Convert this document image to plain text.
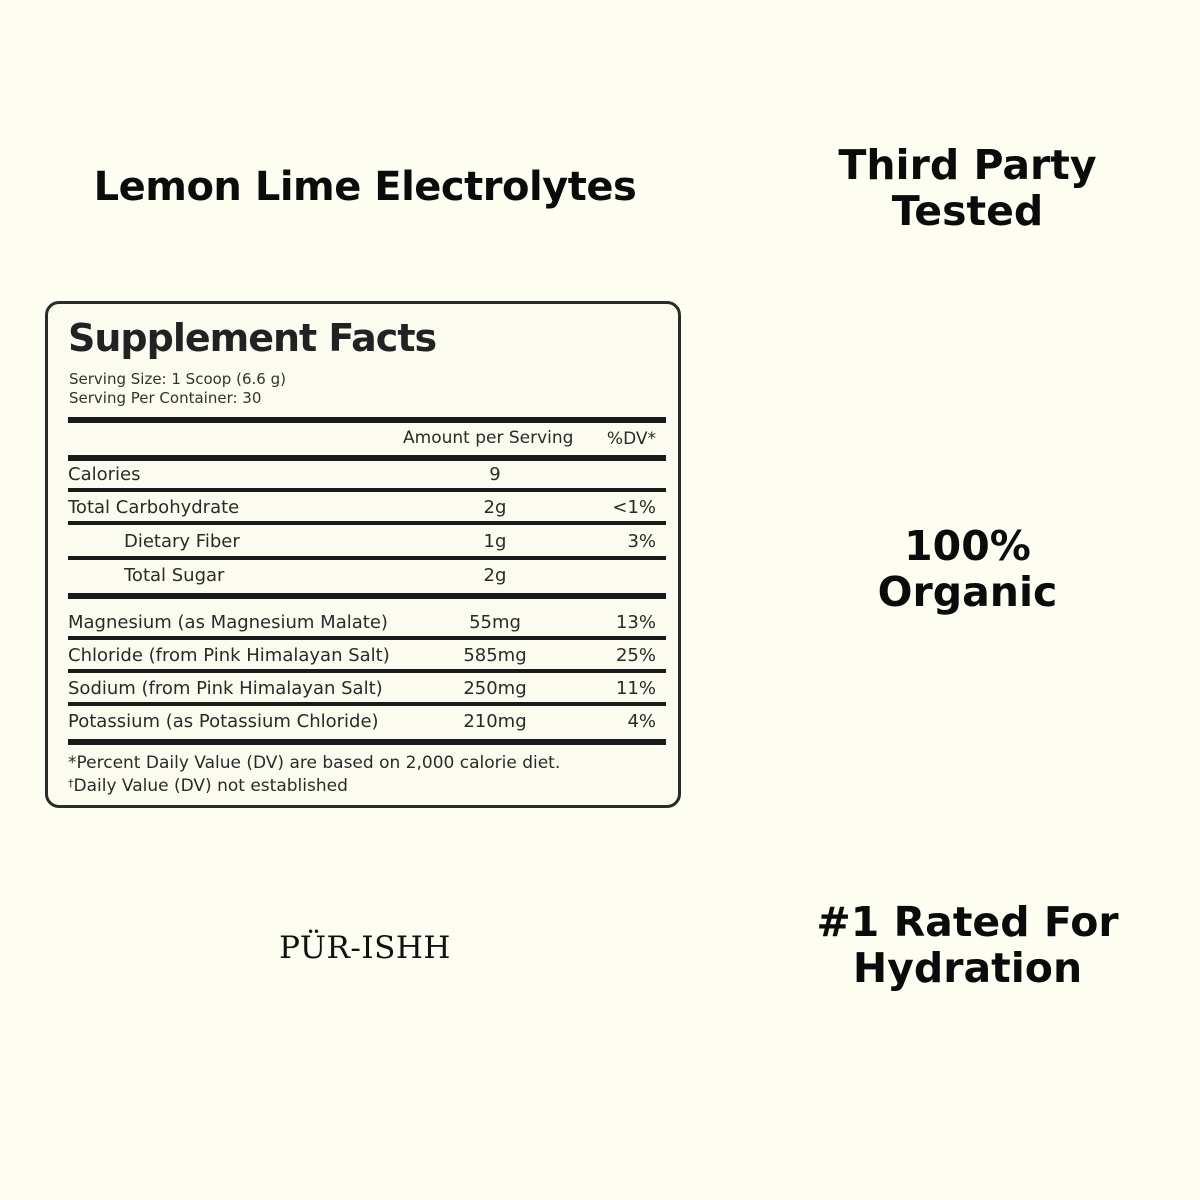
Lemon Lime Electrolytes	Third Party
Tested
100%
Organic
#1 Rated For
Hydration
PÜR-ISHH
Supplement Facts
Serving Size: 1 Scoop (6.6 g)
Serving Per Container: 30
Amount per Serving %DV*
Calories	9
Total Carbohydrate	2g	<1%
Dietary Fiber	1g	3%
Total Sugar	2g
Magnesium (as Magnesium Malate)	55mg	13%
Chloride (from Pink Himalayan Salt)	585mg	25%
Sodium (from Pink Himalayan Salt)	250mg	11%
Potassium (as Potassium Chloride)	210mg	4%
*Percent Daily Value (DV) are based on 2,000 calorie diet.
†Daily Value (DV) not established
